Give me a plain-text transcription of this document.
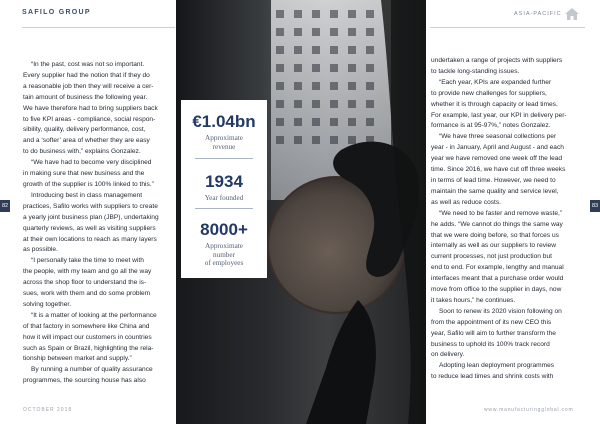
SAFILO GROUP	ASIA-PACIFIC

“In the past, cost was not so important.

Every supplier had the notion that if they do

a reasonable job then they will receive a cer-

tain amount of business the following year.

We have therefore had to bring suppliers back

to five KPI areas - compliance, social respon-

sibility, quality, delivery performance, cost,

and a ‘softer’ area of whether they are easy

to do business with,” explains Gonzalez.

“We have had to become very disciplined

in making sure that new business and the

growth of the supplier is 100% linked to this.”

Introducing best in class management

practices, Safilo works with suppliers to create

a yearly joint business plan (JBP), undertaking

quarterly reviews, as well as visiting suppliers

at their own locations to reach as many layers

as possible.

“I personally take the time to meet with

the people, with my team and go all the way

across the shop floor to understand the is-

sues, work with them and do some problem

solving together.

“It is a matter of looking at the performance

of that factory in somewhere like China and

how it will impact our customers in countries

such as Spain or Brazil, highlighting the rela-

tionship between market and supply.”

By running a number of quality assurance

programmes, the sourcing house has also

€1.04bn
Approximate
revenue
1934
Year founded
8000+
Approximate
number
of employees

undertaken a range of projects with suppliers

to tackle long-standing issues.

“Each year, KPIs are expanded further

to provide new challenges for suppliers,

whether it is through capacity or lead times.

For example, last year, our KPI in delivery per-

formance is at 95-97%,” notes Gonzalez.

“We have three seasonal collections per

year - in January, April and August - and each

year we have removed one week off the lead

time. Since 2016, we have cut off three weeks

in terms of lead time. However, we need to

maintain the same quality and service level,

as well as reduce costs.

“We need to be faster and remove waste,”

he adds. “We cannot do things the same way

that we were doing before, so that forces us

internally as well as our suppliers to review

current processes, not just production but

end to end. For example, lengthy and manual

interfaces meant that a purchase order would

move from office to the supplier in days, now

it takes hours,” he continues.

Soon to renew its 2020 vision following on

from the appointment of its new CEO this

year, Safilo will aim to further transform the

business to uphold its 100% track record

on delivery.

Adopting lean deployment programmes

to reduce lead times and shrink costs with

82	83
OCTOBER 2018	www.manufacturingglobal.com
